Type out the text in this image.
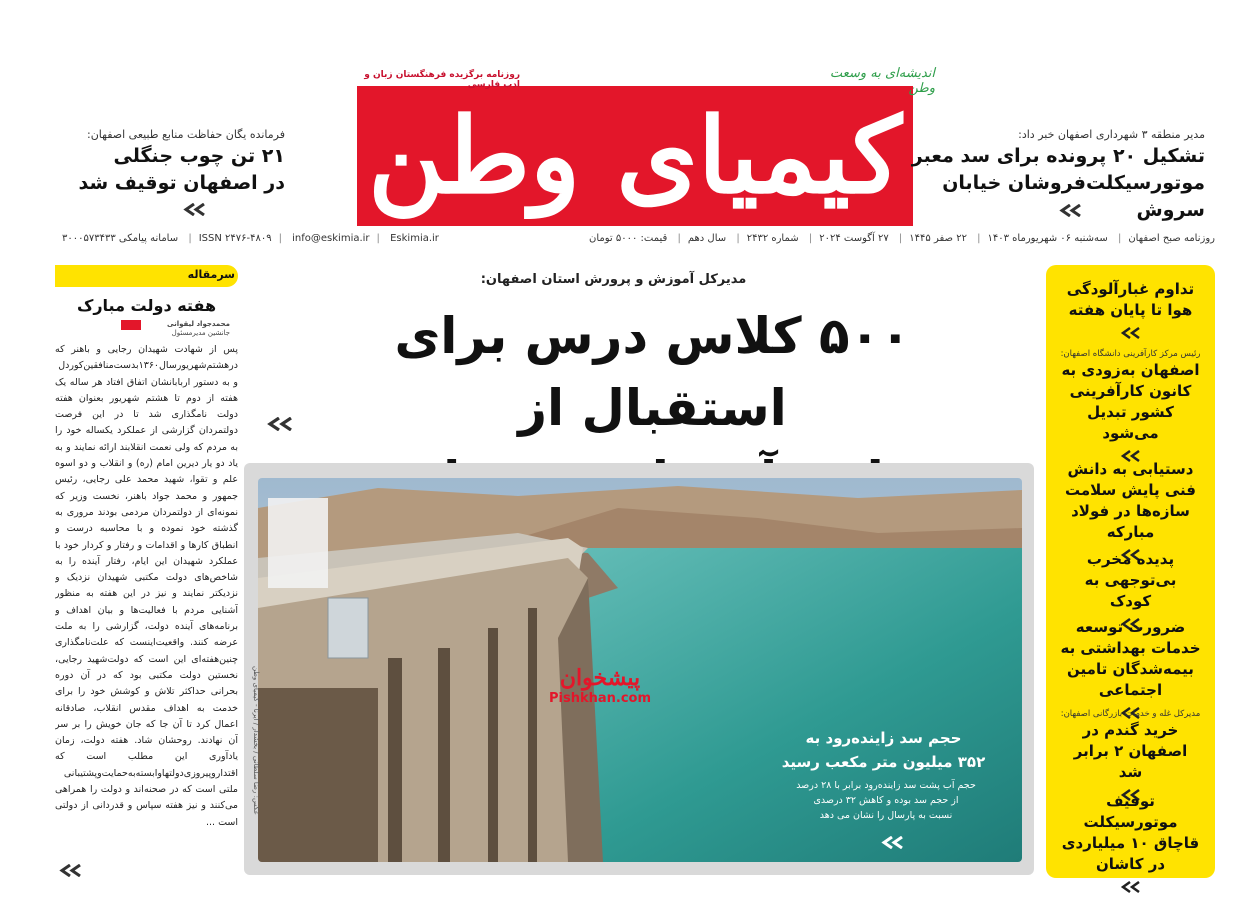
کیمیای وطن
روزنامه برگزیده فرهنگستان زبان و ادب فارسی
اندیشه‌ای به وسعت وطن
مدیر منطقه ۳ شهرداری اصفهان خبر داد:
تشکیل ۲۰ پرونده برای سد معبر
موتورسیکلت‌فروشان خیابان سروش
فرمانده یگان حفاظت منابع طبیعی اصفهان:
۲۱ تن چوب جنگلی
در اصفهان توقیف شد
روزنامه صبح اصفهان| سه‌شنبه ۰۶ شهریورماه ۱۴۰۳| ۲۲ صفر ۱۴۴۵| ۲۷ آگوست ۲۰۲۴| شماره ۲۴۳۲| سال دهم| قیمت: ۵۰۰۰ تومان
ISSN ۲۴۷۶-۴۸۰۹ | info@eskimia.ir | Eskimia.ir| سامانه پیامکی ۳۰۰۰۵۷۳۴۳۳
تداوم غبارآلودگی هوا تا پایان هفته
رئیس مرکز کارآفرینی دانشگاه اصفهان:
اصفهان به‌زودی به کانون کارآفرینی کشور تبدیل می‌شود
دستیابی به دانش فنی پایش سلامت سازه‌ها در فولاد مبارکه
پدیده مخرب بی‌توجهی به کودک
ضرورت توسعه خدمات بهداشتی به بیمه‌شدگان تامین اجتماعی
مدیرکل غله و خدمات بازرگانی اصفهان:
خرید گندم در اصفهان ۲ برابر شد
توقیف موتورسیکلت قاچاق ۱۰ میلیاردی در کاشان
سرمقاله
هفته دولت مبارک
محمدجواد لیقوانی
جانشین مدیرمسئول

پس از شهادت شهیدان رجایی و باهنر که درهشتم‌شهریورسال۱۳۶۰بدست‌منافقین‌کوردل و به دستور اربابانشان اتفاق افتاد هر ساله یک هفته از دوم تا هشتم شهریور بعنوان هفته دولت نامگذاری شد تا در این فرصت دولتمردان گزارشی از عملکرد یکساله خود را به مردم که ولی نعمت انقلابند ارائه نمایند و به یاد دو یار دیرین امام (ره) و انقلاب و دو اسوه علم و تقوا، شهید محمد علی رجایی، رئیس جمهور و محمد جواد باهنر، نخست وزیر که نمونه‌ای از دولتمردان مردمی بودند مروری به گذشته خود نموده و با محاسبه درست و انطباق کارها و اقدامات و رفتار و کردار خود با عملکرد شهیدان این ایام، رفتار آینده را به شاخص‌های دولت مکتبی شهیدان نزدیک و نزدیکتر نمایند و نیز در این هفته به منظور آشنایی مردم با فعالیت‌ها و بیان اهداف و برنامه‌های آینده دولت، گزارشی را به ملت عرضه کنند. واقعیت‌اینست که علت‌نامگذاری چنین‌هفته‌ای این است که دولت‌شهید رجایی، نخستین دولت مکتبی بود که در آن دوره بحرانی حداکثر تلاش و کوشش خود را برای خدمت به اهداف مقدس انقلاب، صادقانه اعمال کرد تا آن جا که جان خویش را بر سر آن نهادند. روحشان شاد. هفته دولت، زمان یادآوری این مطلب است که اقتدارو‌پیروزی‌دولتها‌وابسته‌به‌حمایت‌وپشتیبانی ملتی است که در صحنه‌اند و دولت را همراهی می‌کنند و نیز هفته سپاس و قدردانی از دولتی است ...

مدیرکل آموزش و پرورش استان اصفهان:
۵۰۰ کلاس درس برای استقبال از
عکس: رضا سلطانی /‌ بخشدار / ایرنا - کیمیای وطن	پیشخوان
Pishkhan.com
حجم سد زاینده‌رود به
۳۵۲ میلیون متر مکعب رسید
حجم آب پشت سد زاینده‌رود برابر با ۲۸ درصد
از حجم سد بوده و کاهش ۳۲ درصدی
نسبت به پارسال را نشان می دهد
